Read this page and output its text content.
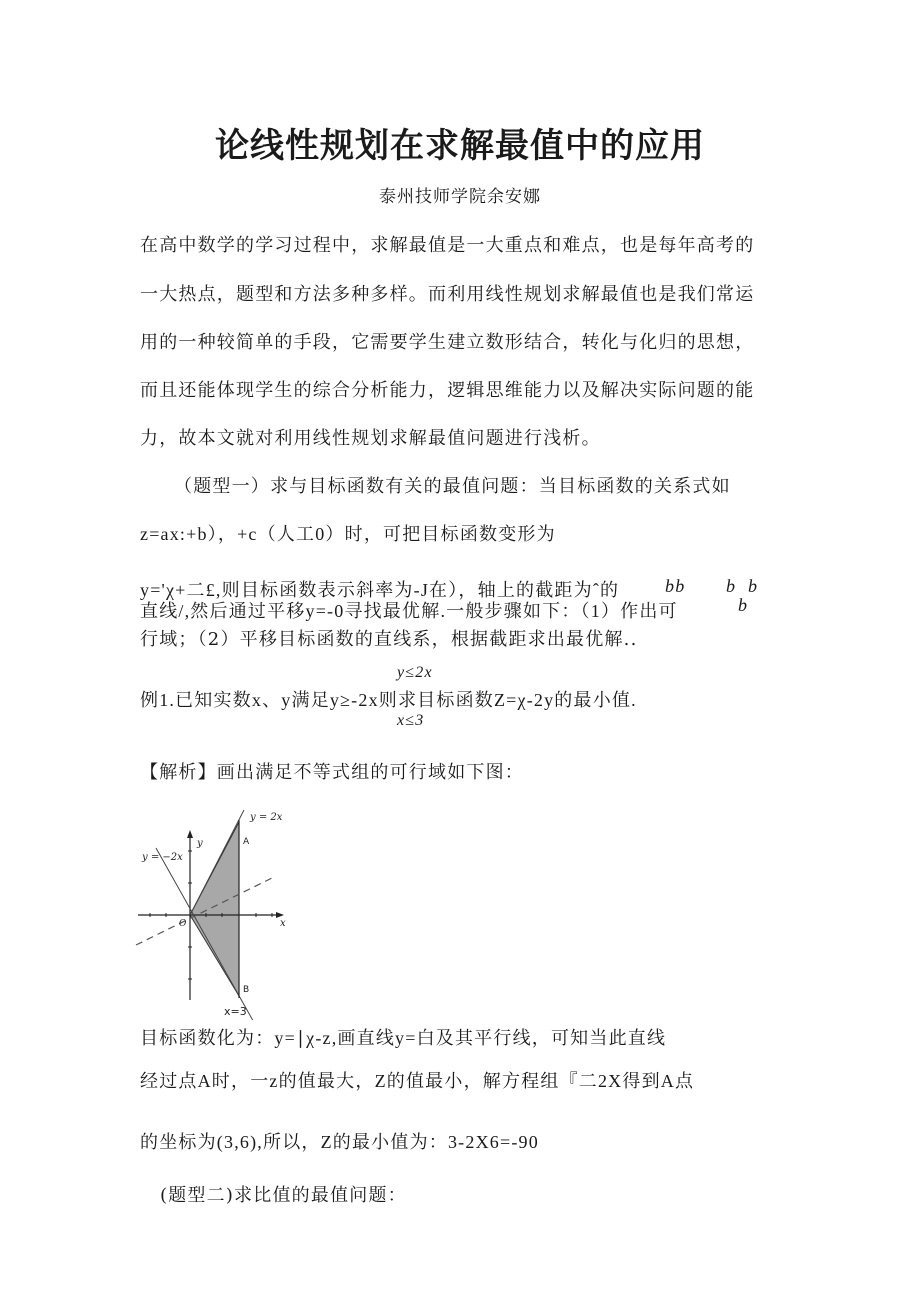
论线性规划在求解最值中的应用
泰州技师学院余安娜
在高中数学的学习过程中，求解最值是一大重点和难点，也是每年高考的
一大热点，题型和方法多种多样。而利用线性规划求解最值也是我们常运
用的一种较简单的手段，它需要学生建立数形结合，转化与化归的思想，
而且还能体现学生的综合分析能力，逻辑思维能力以及解决实际问题的能
力，故本文就对利用线性规划求解最值问题进行浅析。
（题型一）求与目标函数有关的最值问题：当目标函数的关系式如
z=ax:+b），+c（人工0）时，可把目标函数变形为
y='χ+二£,则目标函数表示斜率为-J在），轴上的截距为ˆ的	bb b b
直线/,然后通过平移y=-0寻找最优解.一般步骤如下：（1）作出可	b
行域；（2）平移目标函数的直线系，根据截距求出最优解..
y≤2x
例1.已知实数x、y满足y≥-2x则求目标函数Z=χ-2y的最小值.
x≤3
【解析】画出满足不等式组的可行域如下图：
y = 2x
y = −2x
y
x
O
A
B
x=3
目标函数化为：y=∣χ-z,画直线y=白及其平行线，可知当此直线
经过点A时，一z的值最大，Z的值最小，解方程组『二2X得到A点
的坐标为(3,6),所以，Z的最小值为：3-2X6=-90
(题型二)求比值的最值问题：
